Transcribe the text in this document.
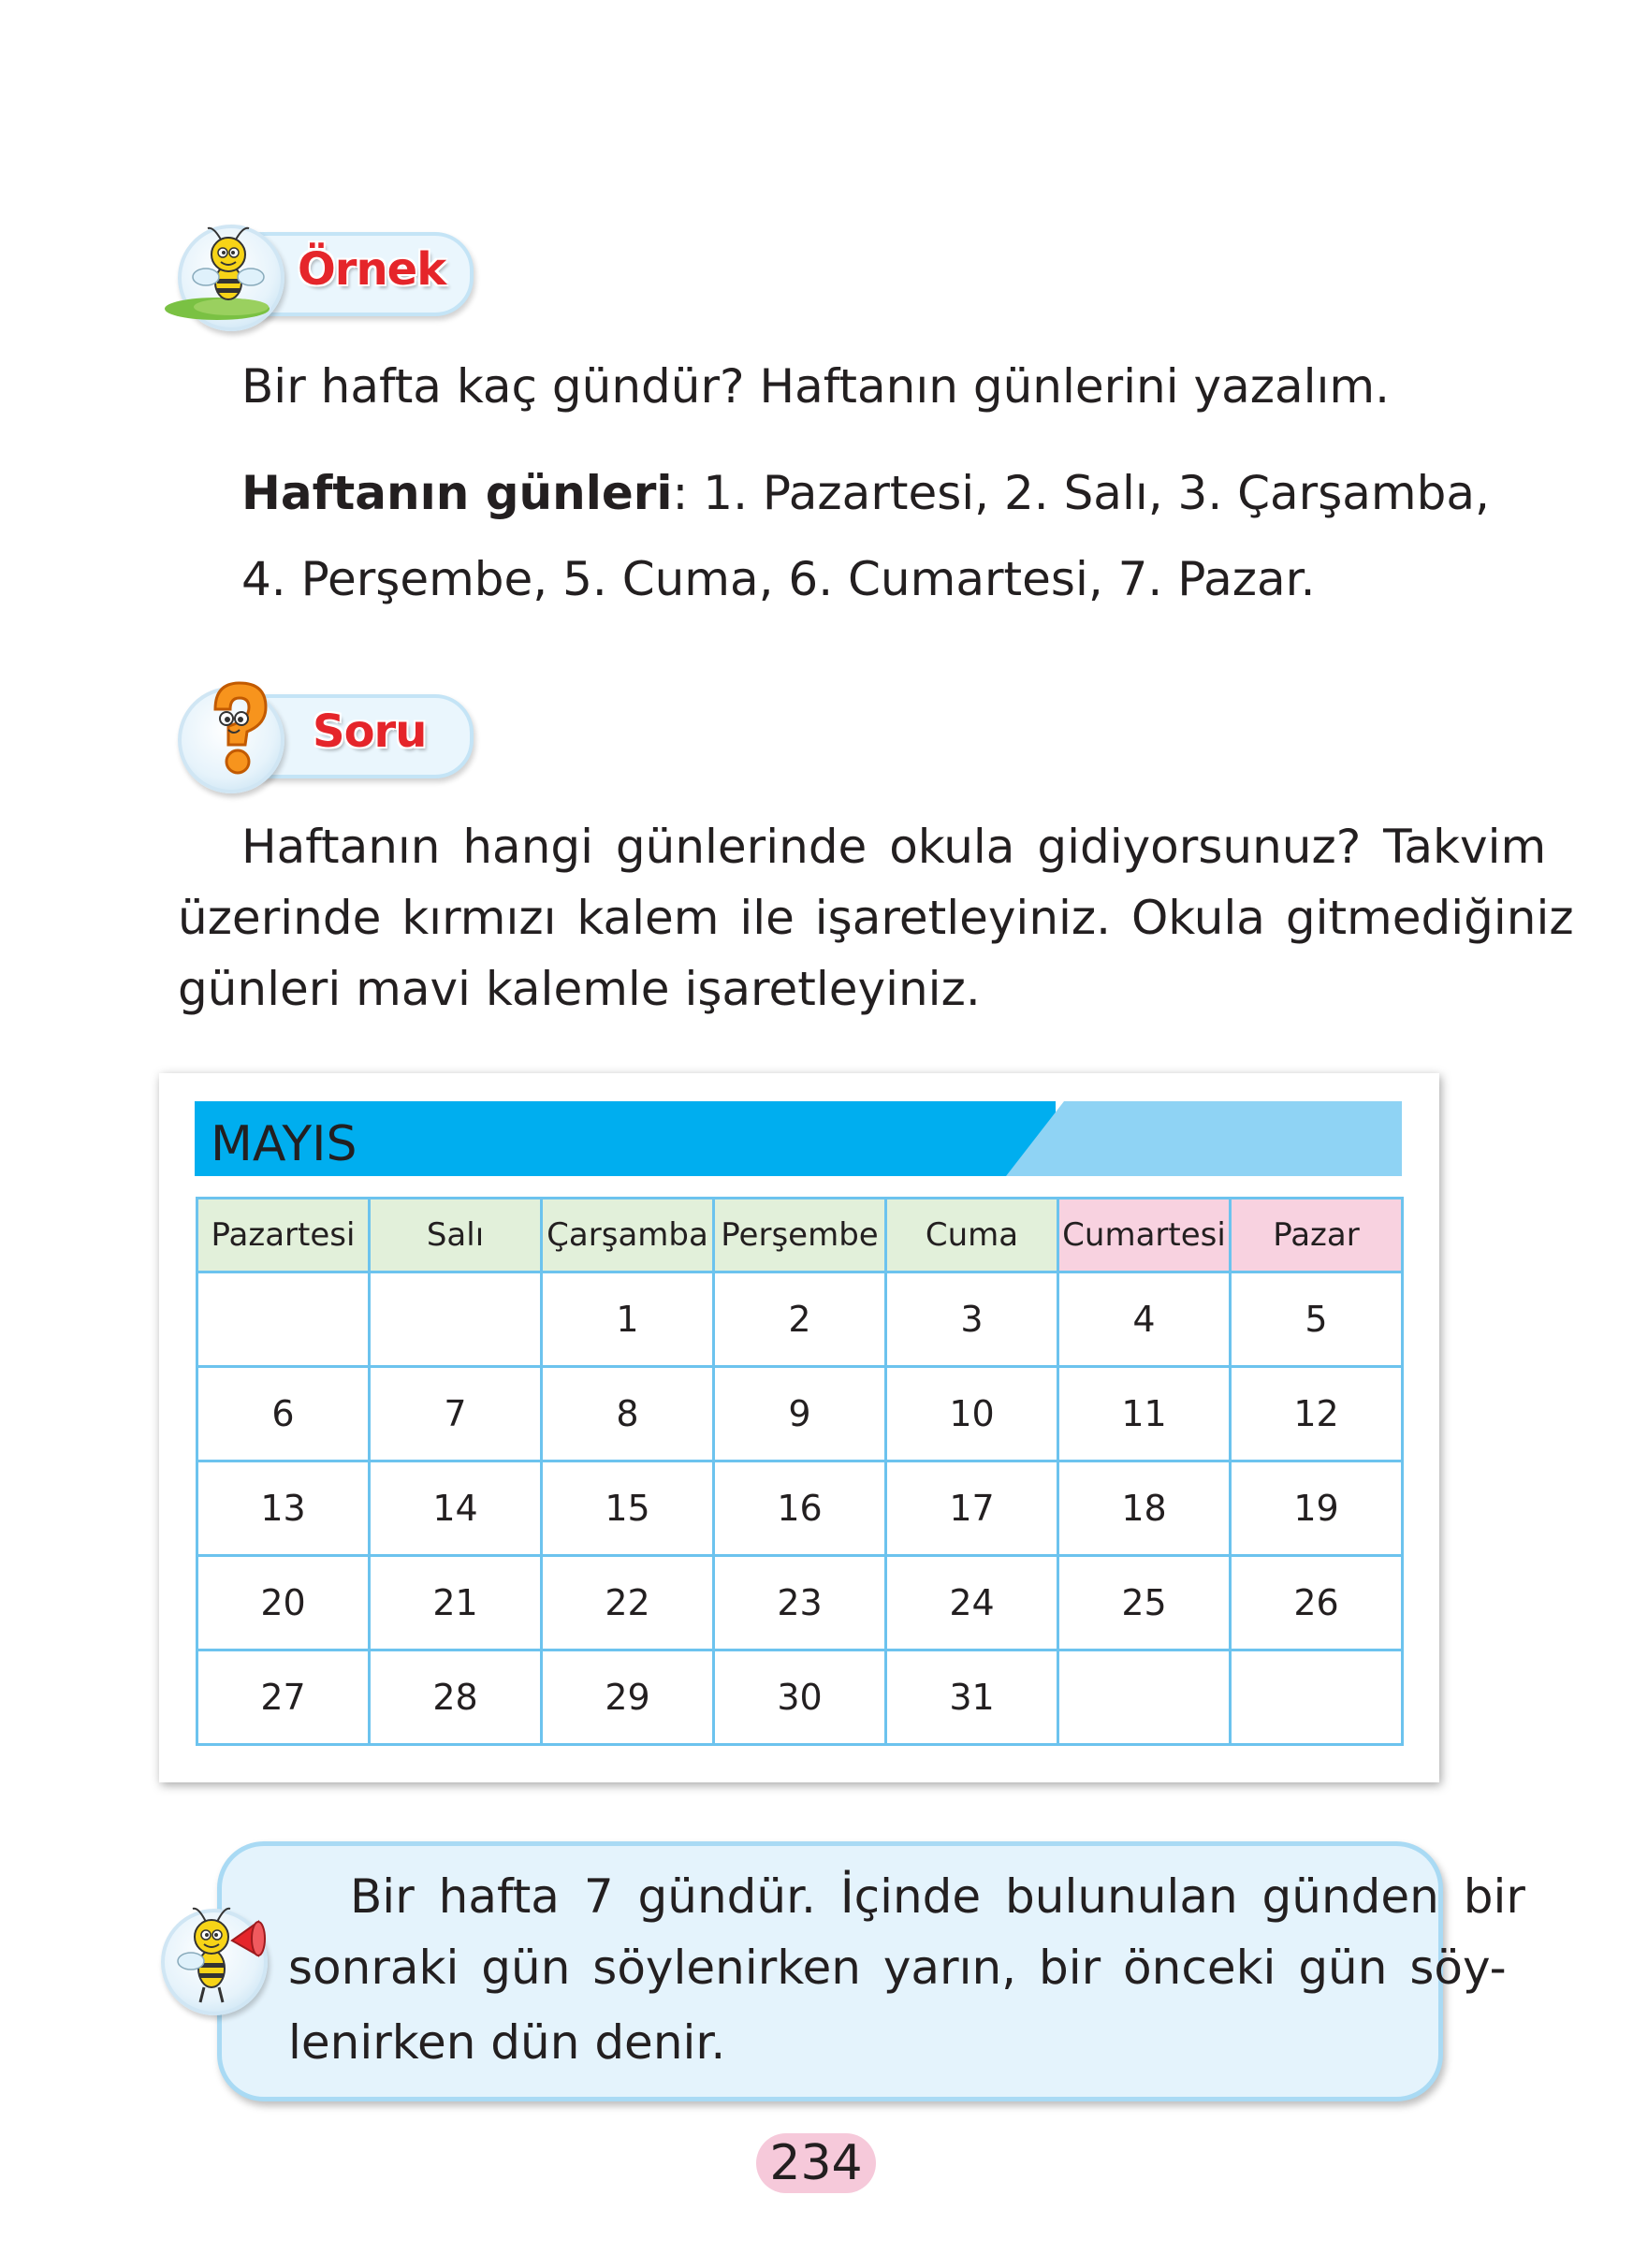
Örnek
Bir hafta kaç gündür? Haftanın günlerini yazalım.
Haftanın günleri: 1. Pazartesi, 2. Salı, 3. Çarşamba,
4. Perşembe, 5. Cuma, 6. Cumartesi, 7. Pazar.
Soru
Haftanın hangi günlerinde okula gidiyorsunuz? Takvim
üzerinde kırmızı kalem ile işaretleyiniz. Okula gitmediğiniz
günleri mavi kalemle işaretleyiniz.
MAYIS
Pazartesi	Salı	Çarşamba	Perşembe	Cuma	Cumartesi	Pazar
		1	2	3	4	5
6	7	8	9	10	11	12
13	14	15	16	17	18	19
20	21	22	23	24	25	26
27	28	29	30	31		
Bir hafta 7 gündür. İçinde bulunulan günden bir
sonraki gün söylenirken yarın, bir önceki gün söy-
lenirken dün denir.
234
